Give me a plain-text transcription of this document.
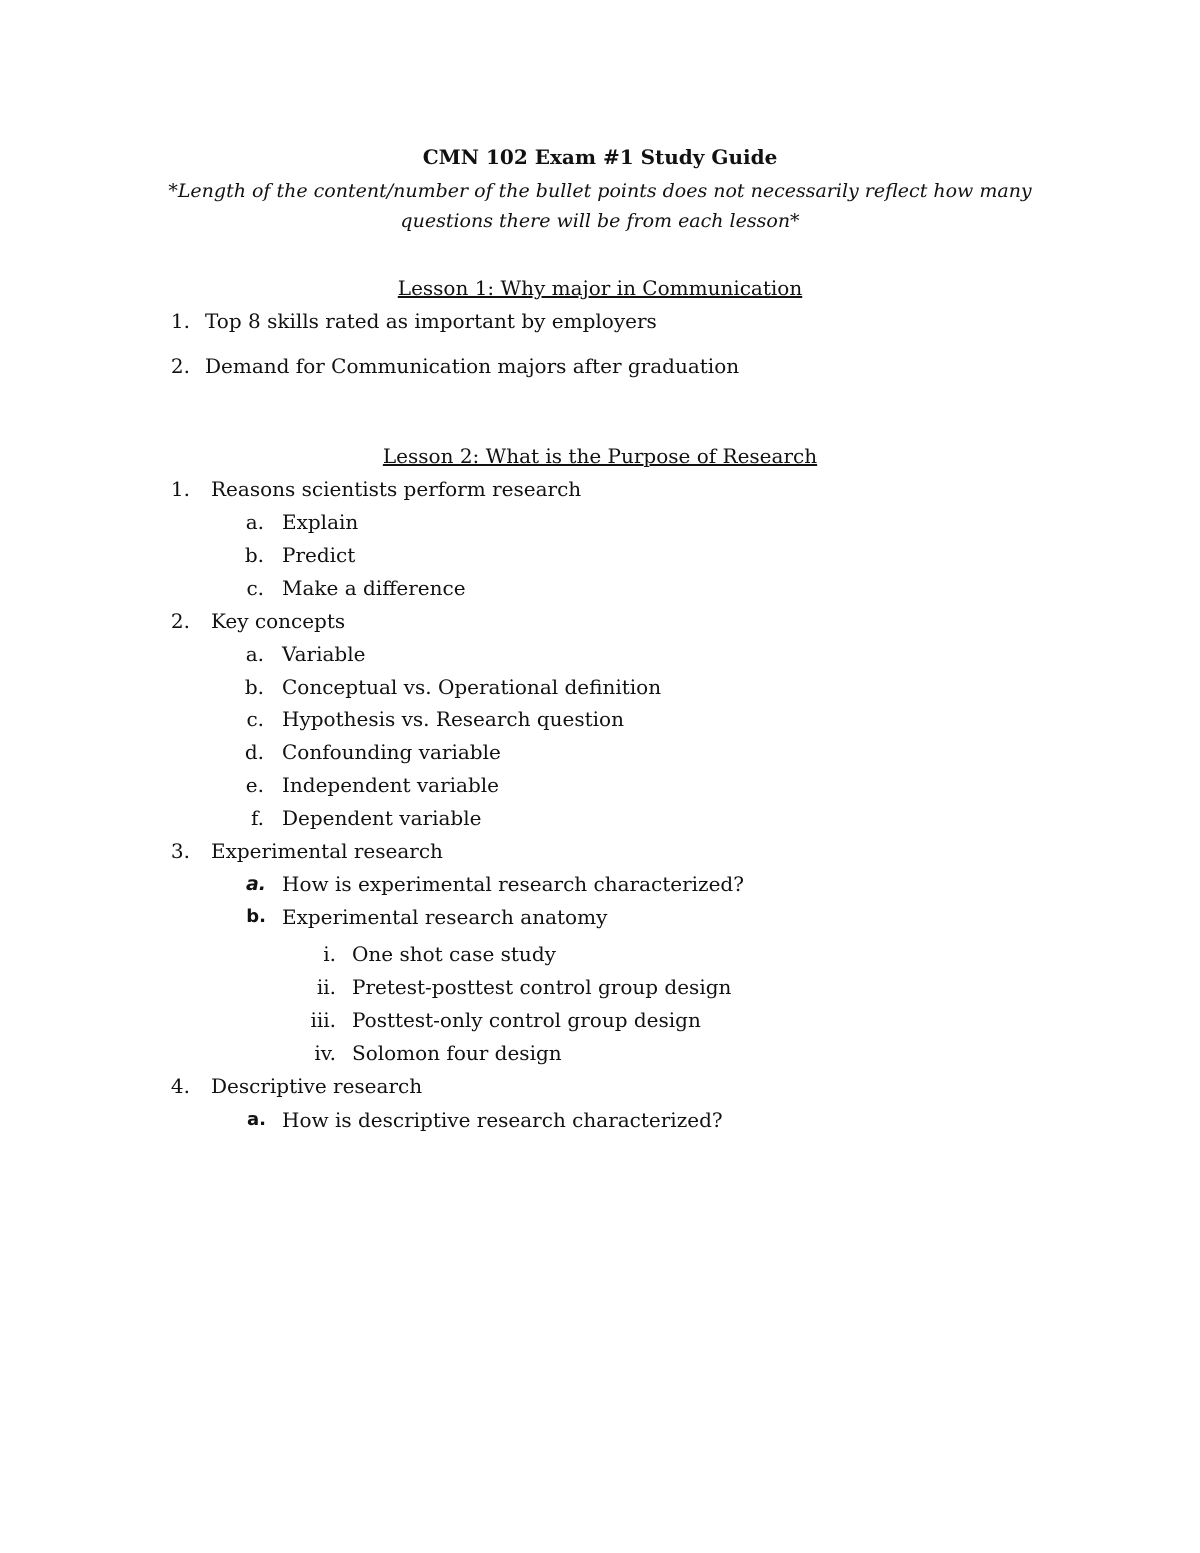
CMN 102 Exam #1 Study Guide
*Length of the content/number of the bullet points does not necessarily reflect how many
questions there will be from each lesson*
Lesson 1: Why major in Communication
1. Top 8 skills rated as important by employers
2. Demand for Communication majors after graduation
Lesson 2: What is the Purpose of Research
1. Reasons scientists perform research
a. Explain
b. Predict
c. Make a difference
2. Key concepts
a. Variable
b. Conceptual vs. Operational definition
c. Hypothesis vs. Research question
d. Confounding variable
e. Independent variable
f. Dependent variable
3. Experimental research
a. How is experimental research characterized?
b. Experimental research anatomy
i. One shot case study
ii. Pretest-posttest control group design
iii. Posttest-only control group design
iv. Solomon four design
4. Descriptive research
a. How is descriptive research characterized?
